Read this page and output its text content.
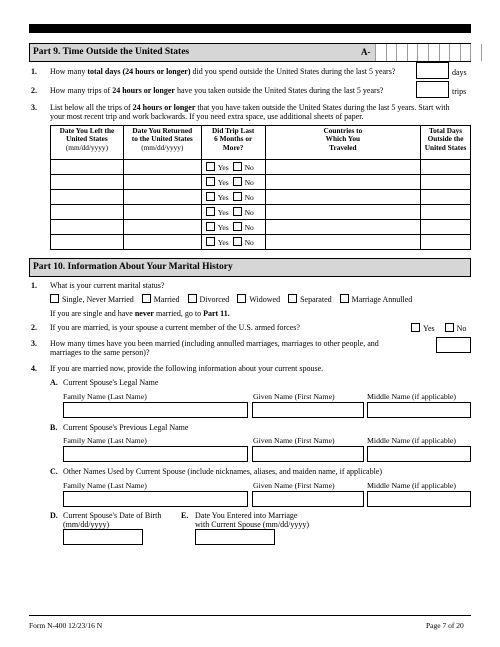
Part 9. Time Outside the United States	A-
1. How many total days (24 hours or longer) did you spend outside the United States during the last 5 years?	days
2. How many trips of 24 hours or longer have you taken outside the United States during the last 5 years?	trips
3. List below all the trips of 24 hours or longer that you have taken outside the United States during the last 5 years. Start with
your most recent trip and work backwards. If you need extra space, use additional sheets of paper.
Date You Left the
United States
(mm/dd/yyyy)	Date You Returned
to the United States
(mm/dd/yyyy)	Did Trip Last
6 Months or
More?	Countries to
Which You
Traveled	Total Days
Outside the
United States
		Yes No		
		Yes No		
		Yes No		
		Yes No		
		Yes No		
		Yes No		
Part 10. Information About Your Marital History
1. What is your current marital status?
Single, Never Married	Married	Divorced	Widowed	Separated	Marriage Annulled
If you are single and have never married, go to Part 11.
2. If you are married, is your spouse a current member of the U.S. armed forces?	Yes	No
3. How many times have you been married (including annulled marriages, marriages to other people, and
marriages to the same person)?
4. If you are married now, provide the following information about your current spouse.
A. Current Spouse's Legal Name
Family Name (Last Name)	Given Name (First Name)	Middle Name (if applicable)
B. Current Spouse's Previous Legal Name
Family Name (Last Name)	Given Name (First Name)	Middle Name (if applicable)
C. Other Names Used by Current Spouse (include nicknames, aliases, and maiden name, if applicable)
Family Name (Last Name)	Given Name (First Name)	Middle Name (if applicable)
D. Current Spouse's Date of Birth
(mm/dd/yyyy)
E. Date You Entered into Marriage
with Current Spouse (mm/dd/yyyy)
Form N-400 12/23/16 N	Page 7 of 20
